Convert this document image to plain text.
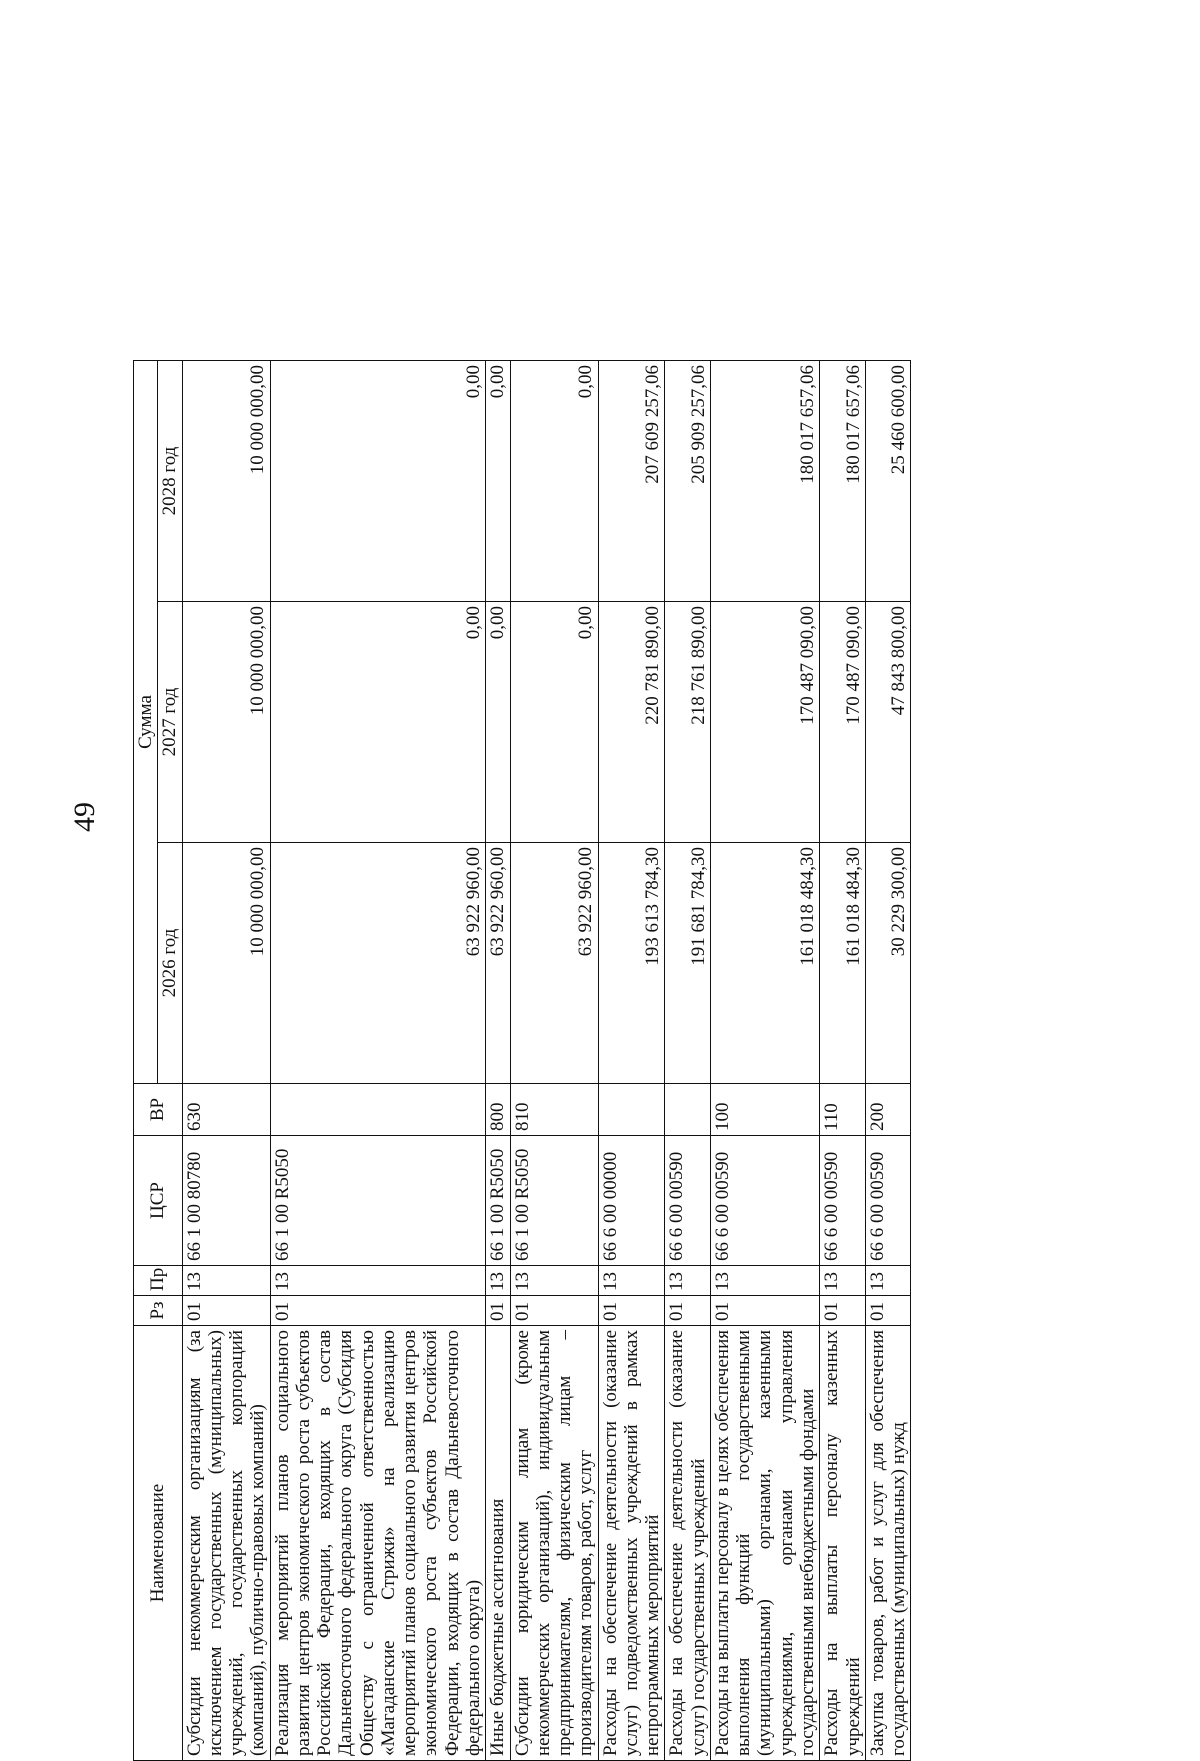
49
Наименование	Рз	Пр	ЦСР	ВР	Сумма		
					2026 год	2027 год	2028 год
Субсидии некоммерческим организациям (за исключением государственных (муниципальных) учреждений, государственных корпораций (компаний), публично-правовых компаний)	01	13	66 1 00 80780	630	10 000 000,00	10 000 000,00	10 000 000,00
Реализация мероприятий планов социального развития центров экономического роста субъектов Российской Федерации, входящих в состав Дальневосточного федерального округа (Субсидия Обществу с ограниченной ответственностью «Магаданские Стрижи» на реализацию мероприятий планов социального развития центров экономического роста субъектов Российской Федерации, входящих в состав Дальневосточного федерального округа)	01	13	66 1 00 R5050		63 922 960,00	0,00	0,00
Иные бюджетные ассигнования	01	13	66 1 00 R5050	800	63 922 960,00	0,00	0,00
Субсидии юридическим лицам (кроме некоммерческих организаций), индивидуальным предпринимателям, физическим лицам – производителям товаров, работ, услуг	01	13	66 1 00 R5050	810	63 922 960,00	0,00	0,00
Расходы на обеспечение деятельности (оказание услуг) подведомственных учреждений в рамках непрограммных мероприятий	01	13	66 6 00 00000		193 613 784,30	220 781 890,00	207 609 257,06
Расходы на обеспечение деятельности (оказание услуг) государственных учреждений	01	13	66 6 00 00590		191 681 784,30	218 761 890,00	205 909 257,06
Расходы на выплаты персоналу в целях обеспечения выполнения функций государственными (муниципальными) органами, казенными учреждениями, органами управления государственными внебюджетными фондами	01	13	66 6 00 00590	100	161 018 484,30	170 487 090,00	180 017 657,06
Расходы на выплаты персоналу казенных учреждений	01	13	66 6 00 00590	110	161 018 484,30	170 487 090,00	180 017 657,06
Закупка товаров, работ и услуг для обеспечения государственных (муниципальных) нужд	01	13	66 6 00 00590	200	30 229 300,00	47 843 800,00	25 460 600,00
